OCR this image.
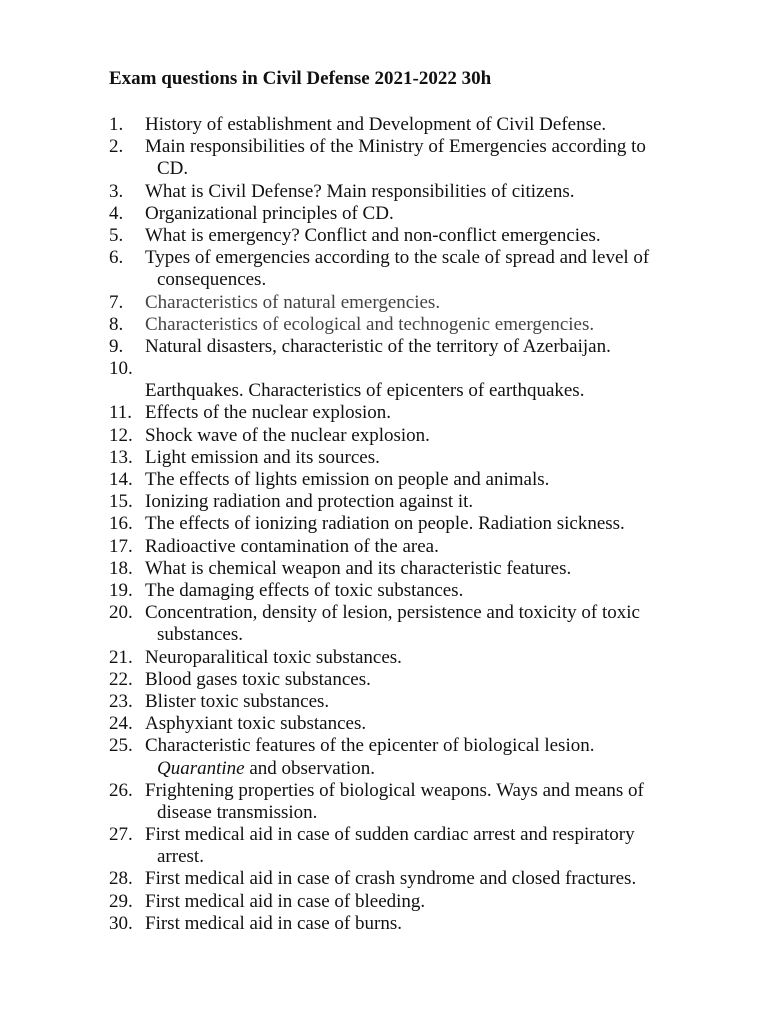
Exam questions in Civil Defense 2021-2022 30h
1. History of establishment and Development of Civil Defense.
2. Main responsibilities of the Ministry of Emergencies according to
CD.
3. What is Civil Defense? Main responsibilities of citizens.
4. Organizational principles of CD.
5. What is emergency? Conflict and non-conflict emergencies.
6. Types of emergencies according to the scale of spread and level of
consequences.
7. Characteristics of natural emergencies.
8. Characteristics of ecological and technogenic emergencies.
9. Natural disasters, characteristic of the territory of Azerbaijan.
10.
Earthquakes. Characteristics of epicenters of earthquakes.
11. Effects of the nuclear explosion.
12. Shock wave of the nuclear explosion.
13. Light emission and its sources.
14. The effects of lights emission on people and animals.
15. Ionizing radiation and protection against it.
16. The effects of ionizing radiation on people. Radiation sickness.
17. Radioactive contamination of the area.
18. What is chemical weapon and its characteristic features.
19. The damaging effects of toxic substances.
20. Concentration, density of lesion, persistence and toxicity of toxic
substances.
21. Neuroparalitical toxic substances.
22. Blood gases toxic substances.
23. Blister toxic substances.
24. Asphyxiant toxic substances.
25. Characteristic features of the epicenter of biological lesion.
Quarantine and observation.
26. Frightening properties of biological weapons. Ways and means of
disease transmission.
27. First medical aid in case of sudden cardiac arrest and respiratory
arrest.
28. First medical aid in case of crash syndrome and closed fractures.
29. First medical aid in case of bleeding.
30. First medical aid in case of burns.
